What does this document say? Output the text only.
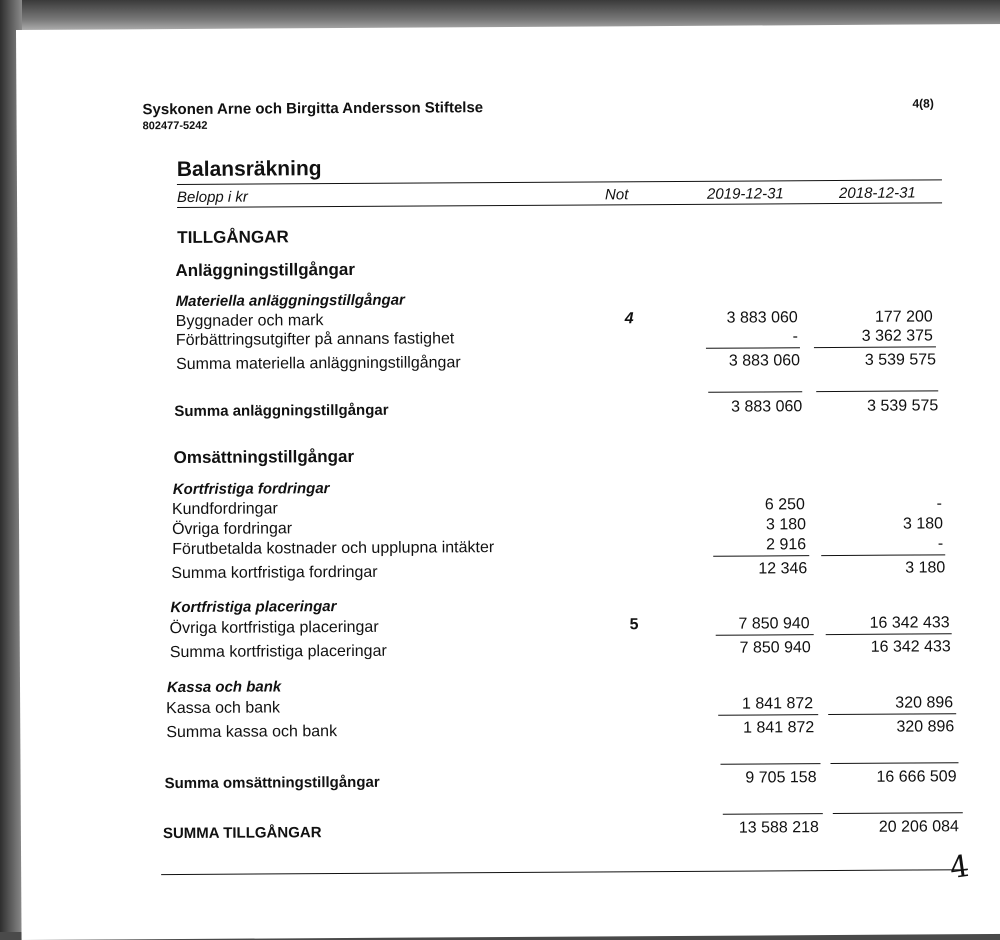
Syskonen Arne och Birgitta Andersson Stiftelse
802477-5242
4(8)
Balansräkning
Belopp i kr	Not	2019-12-31	2018-12-31
TILLGÅNGAR
Anläggningstillgångar
Materiella anläggningstillgångar
Byggnader och mark	4	3 883 060	177 200
Förbättringsutgifter på annans fastighet	-	3 362 375
Summa materiella anläggningstillgångar	3 883 060	3 539 575
Summa anläggningstillgångar	3 883 060	3 539 575
Omsättningstillgångar
Kortfristiga fordringar
Kundfordringar	6 250	-
Övriga fordringar	3 180	3 180
Förutbetalda kostnader och upplupna intäkter	2 916	-
Summa kortfristiga fordringar	12 346	3 180
Kortfristiga placeringar
Övriga kortfristiga placeringar	5	7 850 940	16 342 433
Summa kortfristiga placeringar	7 850 940	16 342 433
Kassa och bank
Kassa och bank	1 841 872	320 896
Summa kassa och bank	1 841 872	320 896
Summa omsättningstillgångar	9 705 158	16 666 509
SUMMA TILLGÅNGAR	13 588 218	20 206 084
4
